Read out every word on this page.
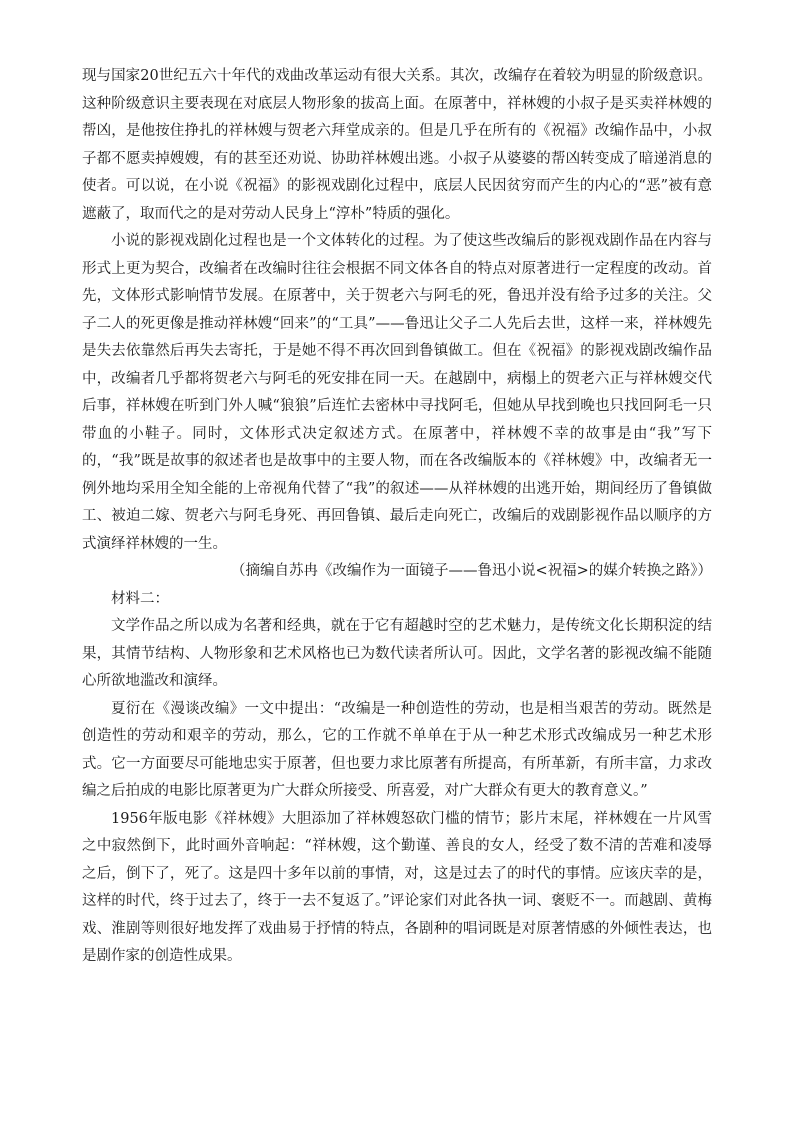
现与国家20世纪五六十年代的戏曲改革运动有很大关系。其次，改编存在着较为明显的阶级意识。这种阶级意识主要表现在对底层人物形象的拔高上面。在原著中，祥林嫂的小叔子是买卖祥林嫂的帮凶，是他按住挣扎的祥林嫂与贺老六拜堂成亲的。但是几乎在所有的《祝福》改编作品中，小叔子都不愿卖掉嫂嫂，有的甚至还劝说、协助祥林嫂出逃。小叔子从婆婆的帮凶转变成了暗递消息的使者。可以说，在小说《祝福》的影视戏剧化过程中，底层人民因贫穷而产生的内心的“恶”被有意遮蔽了，取而代之的是对劳动人民身上“淳朴”特质的强化。

小说的影视戏剧化过程也是一个文体转化的过程。为了使这些改编后的影视戏剧作品在内容与形式上更为契合，改编者在改编时往往会根据不同文体各自的特点对原著进行一定程度的改动。首先，文体形式影响情节发展。在原著中，关于贺老六与阿毛的死，鲁迅并没有给予过多的关注。父子二人的死更像是推动祥林嫂“回来”的“工具”——鲁迅让父子二人先后去世，这样一来，祥林嫂先是失去依靠然后再失去寄托，于是她不得不再次回到鲁镇做工。但在《祝福》的影视戏剧改编作品中，改编者几乎都将贺老六与阿毛的死安排在同一天。在越剧中，病榻上的贺老六正与祥林嫂交代后事，祥林嫂在听到门外人喊“狼狼”后连忙去密林中寻找阿毛，但她从早找到晚也只找回阿毛一只带血的小鞋子。同时，文体形式决定叙述方式。在原著中，祥林嫂不幸的故事是由“我”写下的，“我”既是故事的叙述者也是故事中的主要人物，而在各改编版本的《祥林嫂》中，改编者无一例外地均采用全知全能的上帝视角代替了“我”的叙述——从祥林嫂的出逃开始，期间经历了鲁镇做工、被迫二嫁、贺老六与阿毛身死、再回鲁镇、最后走向死亡，改编后的戏剧影视作品以顺序的方式演绎祥林嫂的一生。

（摘编自苏冉《改编作为一面镜子——鲁迅小说<祝福>的媒介转换之路》）

材料二：

文学作品之所以成为名著和经典，就在于它有超越时空的艺术魅力，是传统文化长期积淀的结果，其情节结构、人物形象和艺术风格也已为数代读者所认可。因此，文学名著的影视改编不能随心所欲地滥改和演绎。

夏衍在《漫谈改编》一文中提出：“改编是一种创造性的劳动，也是相当艰苦的劳动。既然是创造性的劳动和艰辛的劳动，那么，它的工作就不单单在于从一种艺术形式改编成另一种艺术形式。它一方面要尽可能地忠实于原著，但也要力求比原著有所提高，有所革新，有所丰富，力求改编之后拍成的电影比原著更为广大群众所接受、所喜爱，对广大群众有更大的教育意义。”

1956年版电影《祥林嫂》大胆添加了祥林嫂怒砍门槛的情节；影片末尾，祥林嫂在一片风雪之中寂然倒下，此时画外音响起：“祥林嫂，这个勤谨、善良的女人，经受了数不清的苦难和凌辱之后，倒下了，死了。这是四十多年以前的事情，对，这是过去了的时代的事情。应该庆幸的是，这样的时代，终于过去了，终于一去不复返了。”评论家们对此各执一词、褒贬不一。而越剧、黄梅戏、淮剧等则很好地发挥了戏曲易于抒情的特点，各剧种的唱词既是对原著情感的外倾性表达，也是剧作家的创造性成果。
